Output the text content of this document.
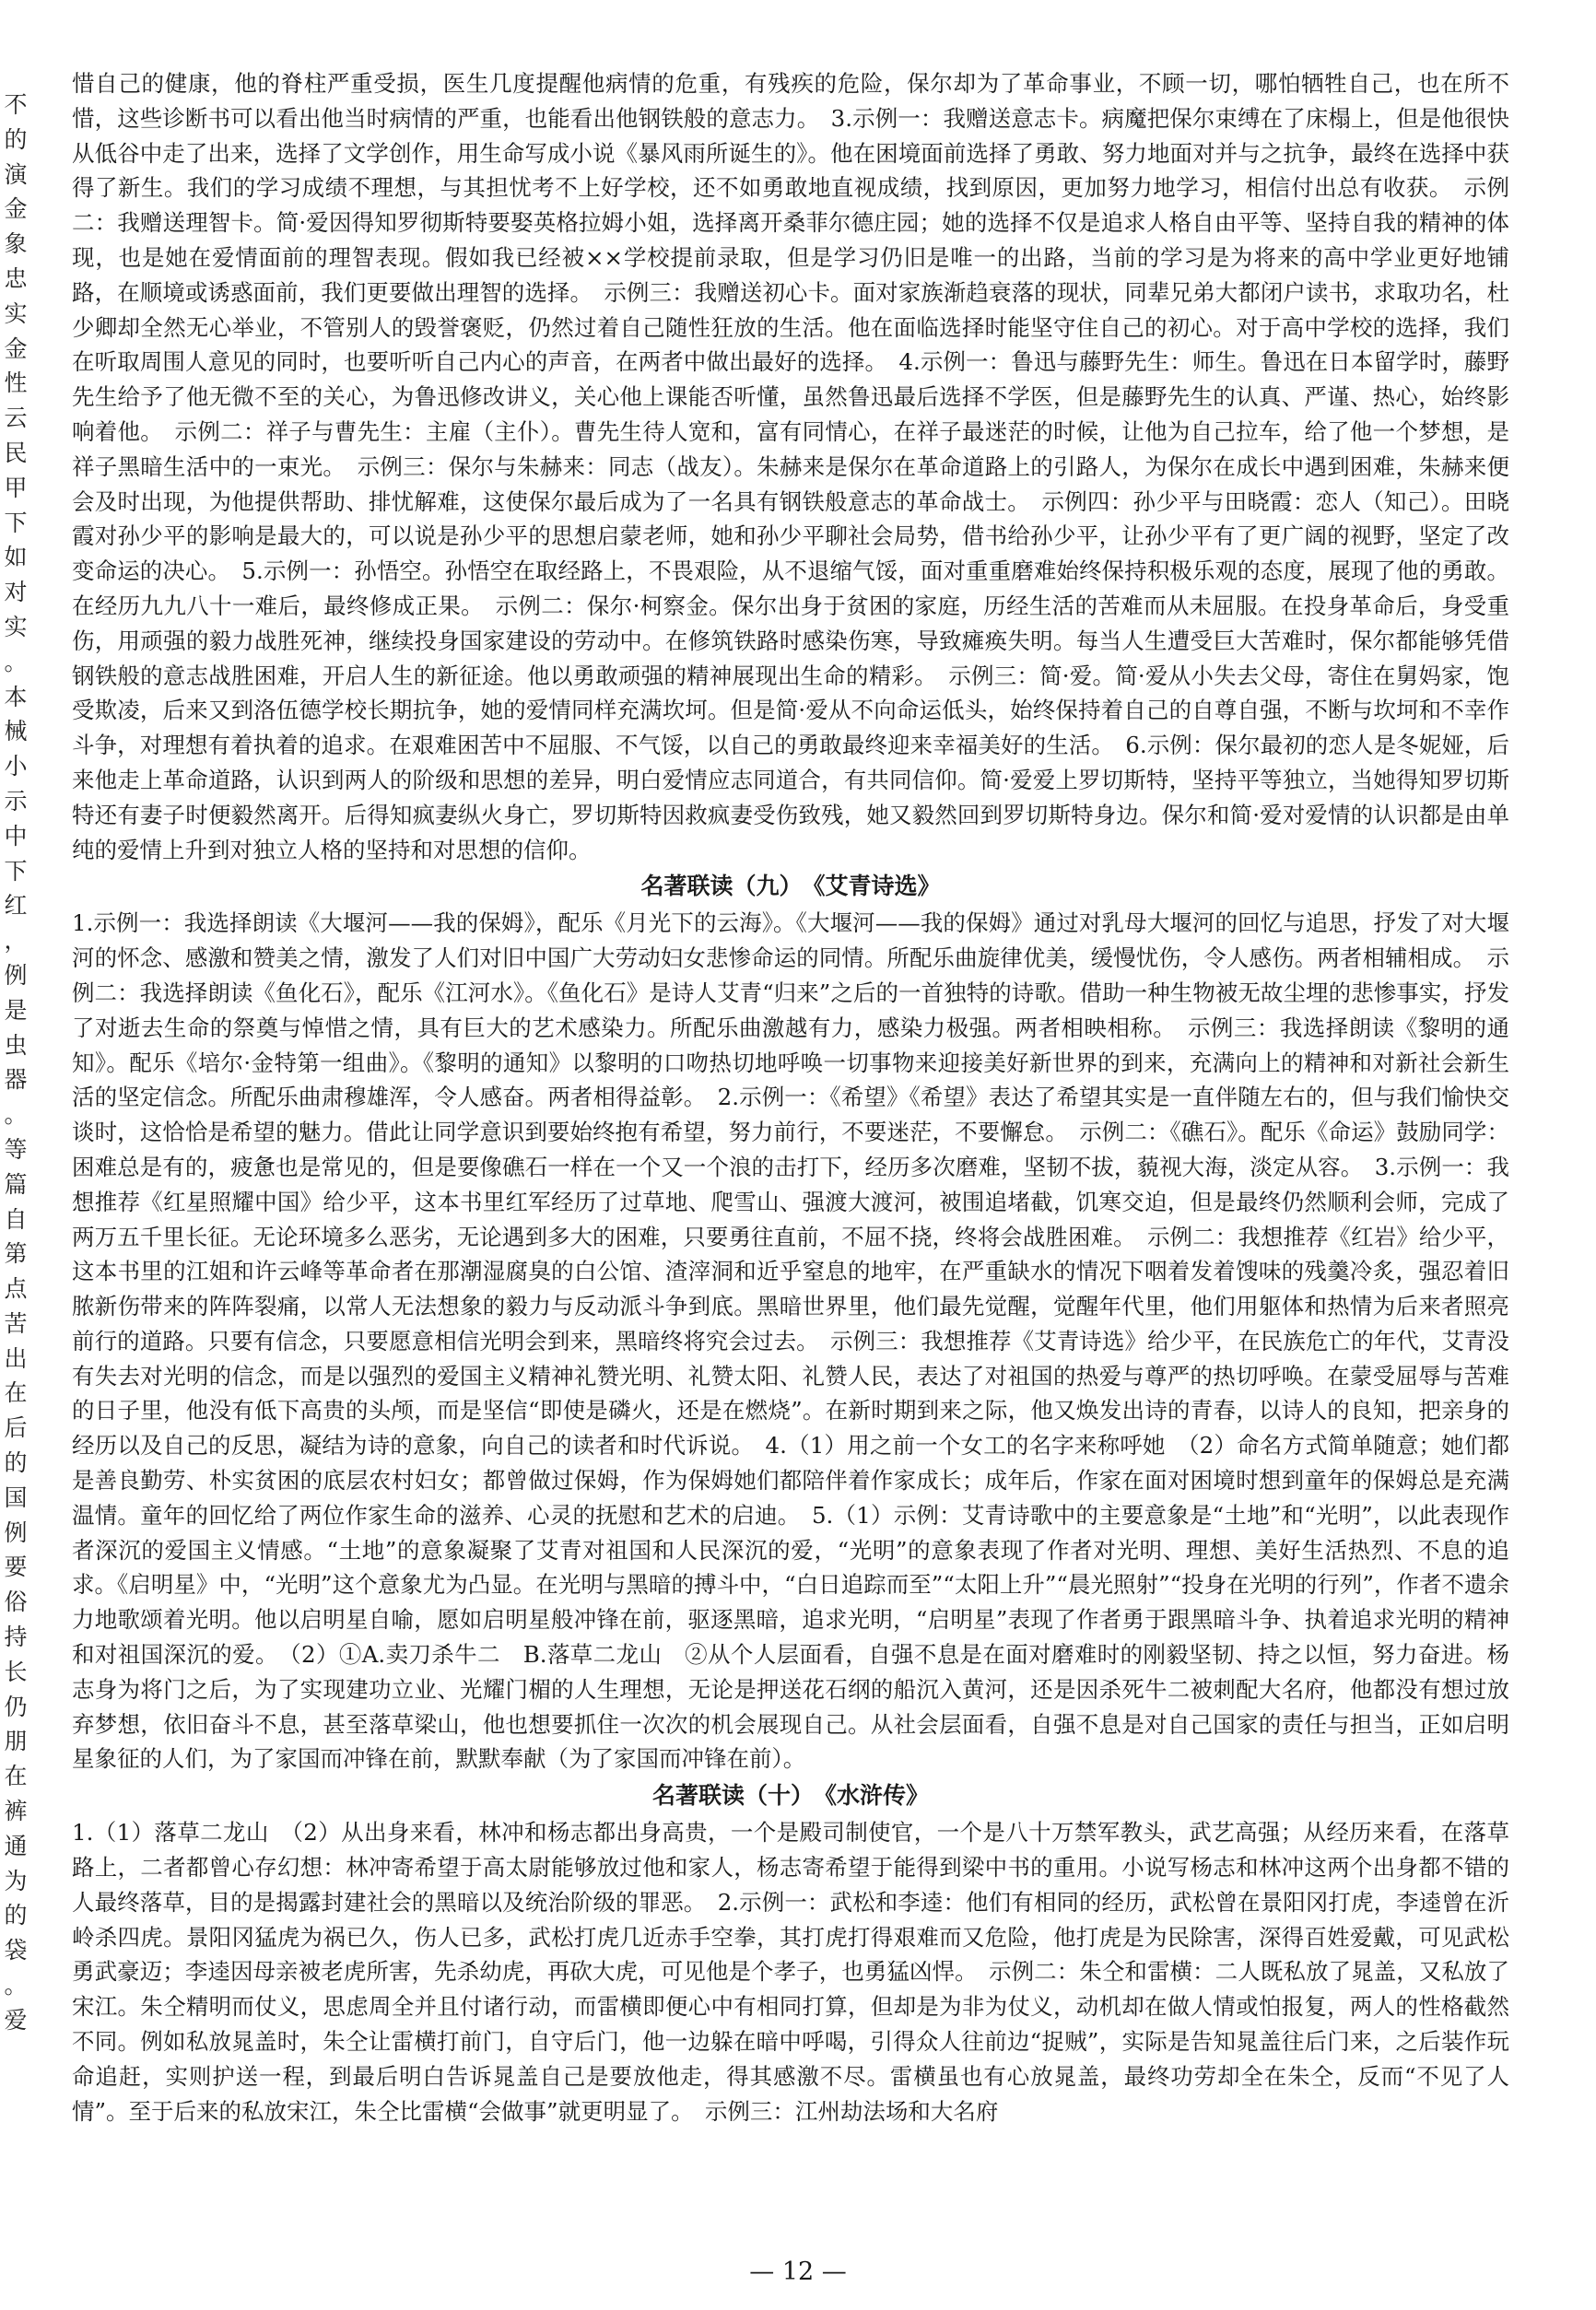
不
的
演
金
象
忠
实
金
性
云
民
甲
下
如
对
实
。
本
械
小
示
中
下
红
，
例
是
虫
器
。
等
篇
自
第
点
苦
出
在
后
的
国
例
要
俗
持
长
仍
朋
在
裤
通
为
的
袋
。
爱

惜自己的健康，他的脊柱严重受损，医生几度提醒他病情的危重，有残疾的危险，保尔却为了革命事业，不顾一切，哪怕牺牲自己，也在所不惜，这些诊断书可以看出他当时病情的严重，也能看出他钢铁般的意志力。　3.示例一：我赠送意志卡。病魔把保尔束缚在了床榻上，但是他很快从低谷中走了出来，选择了文学创作，用生命写成小说《暴风雨所诞生的》。他在困境面前选择了勇敢、努力地面对并与之抗争，最终在选择中获得了新生。我们的学习成绩不理想，与其担忧考不上好学校，还不如勇敢地直视成绩，找到原因，更加努力地学习，相信付出总有收获。　示例二：我赠送理智卡。简·爱因得知罗彻斯特要娶英格拉姆小姐，选择离开桑菲尔德庄园；她的选择不仅是追求人格自由平等、坚持自我的精神的体现，也是她在爱情面前的理智表现。假如我已经被××学校提前录取，但是学习仍旧是唯一的出路，当前的学习是为将来的高中学业更好地铺路，在顺境或诱惑面前，我们更要做出理智的选择。　示例三：我赠送初心卡。面对家族渐趋衰落的现状，同辈兄弟大都闭户读书，求取功名，杜少卿却全然无心举业，不管别人的毁誉褒贬，仍然过着自己随性狂放的生活。他在面临选择时能坚守住自己的初心。对于高中学校的选择，我们在听取周围人意见的同时，也要听听自己内心的声音，在两者中做出最好的选择。　4.示例一：鲁迅与藤野先生：师生。鲁迅在日本留学时，藤野先生给予了他无微不至的关心，为鲁迅修改讲义，关心他上课能否听懂，虽然鲁迅最后选择不学医，但是藤野先生的认真、严谨、热心，始终影响着他。　示例二：祥子与曹先生：主雇（主仆）。曹先生待人宽和，富有同情心，在祥子最迷茫的时候，让他为自己拉车，给了他一个梦想，是祥子黑暗生活中的一束光。　示例三：保尔与朱赫来：同志（战友）。朱赫来是保尔在革命道路上的引路人，为保尔在成长中遇到困难，朱赫来便会及时出现，为他提供帮助、排忧解难，这使保尔最后成为了一名具有钢铁般意志的革命战士。　示例四：孙少平与田晓霞：恋人（知己）。田晓霞对孙少平的影响是最大的，可以说是孙少平的思想启蒙老师，她和孙少平聊社会局势，借书给孙少平，让孙少平有了更广阔的视野，坚定了改变命运的决心。　5.示例一：孙悟空。孙悟空在取经路上，不畏艰险，从不退缩气馁，面对重重磨难始终保持积极乐观的态度，展现了他的勇敢。在经历九九八十一难后，最终修成正果。　示例二：保尔·柯察金。保尔出身于贫困的家庭，历经生活的苦难而从未屈服。在投身革命后，身受重伤，用顽强的毅力战胜死神，继续投身国家建设的劳动中。在修筑铁路时感染伤寒，导致瘫痪失明。每当人生遭受巨大苦难时，保尔都能够凭借钢铁般的意志战胜困难，开启人生的新征途。他以勇敢顽强的精神展现出生命的精彩。　示例三：简·爱。简·爱从小失去父母，寄住在舅妈家，饱受欺凌，后来又到洛伍德学校长期抗争，她的爱情同样充满坎坷。但是简·爱从不向命运低头，始终保持着自己的自尊自强，不断与坎坷和不幸作斗争，对理想有着执着的追求。在艰难困苦中不屈服、不气馁，以自己的勇敢最终迎来幸福美好的生活。　6.示例：保尔最初的恋人是冬妮娅，后来他走上革命道路，认识到两人的阶级和思想的差异，明白爱情应志同道合，有共同信仰。简·爱爱上罗切斯特，坚持平等独立，当她得知罗切斯特还有妻子时便毅然离开。后得知疯妻纵火身亡，罗切斯特因救疯妻受伤致残，她又毅然回到罗切斯特身边。保尔和简·爱对爱情的认识都是由单纯的爱情上升到对独立人格的坚持和对思想的信仰。

名著联读（九）　《艾青诗选》

1.示例一：我选择朗读《大堰河——我的保姆》，配乐《月光下的云海》。《大堰河——我的保姆》通过对乳母大堰河的回忆与追思，抒发了对大堰河的怀念、感激和赞美之情，激发了人们对旧中国广大劳动妇女悲惨命运的同情。所配乐曲旋律优美，缓慢忧伤，令人感伤。两者相辅相成。　示例二：我选择朗读《鱼化石》，配乐《江河水》。《鱼化石》是诗人艾青“归来”之后的一首独特的诗歌。借助一种生物被无故尘埋的悲惨事实，抒发了对逝去生命的祭奠与悼惜之情，具有巨大的艺术感染力。所配乐曲激越有力，感染力极强。两者相映相称。　示例三：我选择朗读《黎明的通知》。配乐《培尔·金特第一组曲》。《黎明的通知》以黎明的口吻热切地呼唤一切事物来迎接美好新世界的到来，充满向上的精神和对新社会新生活的坚定信念。所配乐曲肃穆雄浑，令人感奋。两者相得益彰。　2.示例一：《希望》《希望》表达了希望其实是一直伴随左右的，但与我们愉快交谈时，这恰恰是希望的魅力。借此让同学意识到要始终抱有希望，努力前行，不要迷茫，不要懈怠。　示例二：《礁石》。配乐《命运》鼓励同学：困难总是有的，疲惫也是常见的，但是要像礁石一样在一个又一个浪的击打下，经历多次磨难，坚韧不拔，藐视大海，淡定从容。　3.示例一：我想推荐《红星照耀中国》给少平，这本书里红军经历了过草地、爬雪山、强渡大渡河，被围追堵截，饥寒交迫，但是最终仍然顺利会师，完成了两万五千里长征。无论环境多么恶劣，无论遇到多大的困难，只要勇往直前，不屈不挠，终将会战胜困难。　示例二：我想推荐《红岩》给少平，这本书里的江姐和许云峰等革命者在那潮湿腐臭的白公馆、渣滓洞和近乎窒息的地牢，在严重缺水的情况下咽着发着馊味的残羹冷炙，强忍着旧脓新伤带来的阵阵裂痛，以常人无法想象的毅力与反动派斗争到底。黑暗世界里，他们最先觉醒，觉醒年代里，他们用躯体和热情为后来者照亮前行的道路。只要有信念，只要愿意相信光明会到来，黑暗终将究会过去。　示例三：我想推荐《艾青诗选》给少平，在民族危亡的年代，艾青没有失去对光明的信念，而是以强烈的爱国主义精神礼赞光明、礼赞太阳、礼赞人民，表达了对祖国的热爱与尊严的热切呼唤。在蒙受屈辱与苦难的日子里，他没有低下高贵的头颅，而是坚信“即使是磷火，还是在燃烧”。在新时期到来之际，他又焕发出诗的青春，以诗人的良知，把亲身的经历以及自己的反思，凝结为诗的意象，向自己的读者和时代诉说。　4.（1）用之前一个女工的名字来称呼她　（2）命名方式简单随意；她们都是善良勤劳、朴实贫困的底层农村妇女；都曾做过保姆，作为保姆她们都陪伴着作家成长；成年后，作家在面对困境时想到童年的保姆总是充满温情。童年的回忆给了两位作家生命的滋养、心灵的抚慰和艺术的启迪。　5.（1）示例：艾青诗歌中的主要意象是“土地”和“光明”，以此表现作者深沉的爱国主义情感。“土地”的意象凝聚了艾青对祖国和人民深沉的爱，“光明”的意象表现了作者对光明、理想、美好生活热烈、不息的追求。《启明星》中，“光明”这个意象尤为凸显。在光明与黑暗的搏斗中，“白日追踪而至”“太阳上升”“晨光照射”“投身在光明的行列”，作者不遗余力地歌颂着光明。他以启明星自喻，愿如启明星般冲锋在前，驱逐黑暗，追求光明，“启明星”表现了作者勇于跟黑暗斗争、执着追求光明的精神和对祖国深沉的爱。　（2）①A.卖刀杀牛二　B.落草二龙山　②从个人层面看，自强不息是在面对磨难时的刚毅坚韧、持之以恒，努力奋进。杨志身为将门之后，为了实现建功立业、光耀门楣的人生理想，无论是押送花石纲的船沉入黄河，还是因杀死牛二被刺配大名府，他都没有想过放弃梦想，依旧奋斗不息，甚至落草梁山，他也想要抓住一次次的机会展现自己。从社会层面看，自强不息是对自己国家的责任与担当，正如启明星象征的人们，为了家国而冲锋在前，默默奉献（为了家国而冲锋在前）。

名著联读（十）　《水浒传》

1.（1）落草二龙山　（2）从出身来看，林冲和杨志都出身高贵，一个是殿司制使官，一个是八十万禁军教头，武艺高强；从经历来看，在落草路上，二者都曾心存幻想：林冲寄希望于高太尉能够放过他和家人，杨志寄希望于能得到梁中书的重用。小说写杨志和林冲这两个出身都不错的人最终落草，目的是揭露封建社会的黑暗以及统治阶级的罪恶。　2.示例一：武松和李逵：他们有相同的经历，武松曾在景阳冈打虎，李逵曾在沂岭杀四虎。景阳冈猛虎为祸已久，伤人已多，武松打虎几近赤手空拳，其打虎打得艰难而又危险，他打虎是为民除害，深得百姓爱戴，可见武松勇武豪迈；李逵因母亲被老虎所害，先杀幼虎，再砍大虎，可见他是个孝子，也勇猛凶悍。　示例二：朱仝和雷横：二人既私放了晁盖，又私放了宋江。朱仝精明而仗义，思虑周全并且付诸行动，而雷横即便心中有相同打算，但却是为非为仗义，动机却在做人情或怕报复，两人的性格截然不同。例如私放晁盖时，朱仝让雷横打前门，自守后门，他一边躲在暗中呼喝，引得众人往前边“捉贼”，实际是告知晁盖往后门来，之后装作玩命追赶，实则护送一程，到最后明白告诉晁盖自己是要放他走，得其感激不尽。雷横虽也有心放晁盖，最终功劳却全在朱仝，反而“不见了人情”。至于后来的私放宋江，朱仝比雷横“会做事”就更明显了。　示例三：江州劫法场和大名府

— 12 —
